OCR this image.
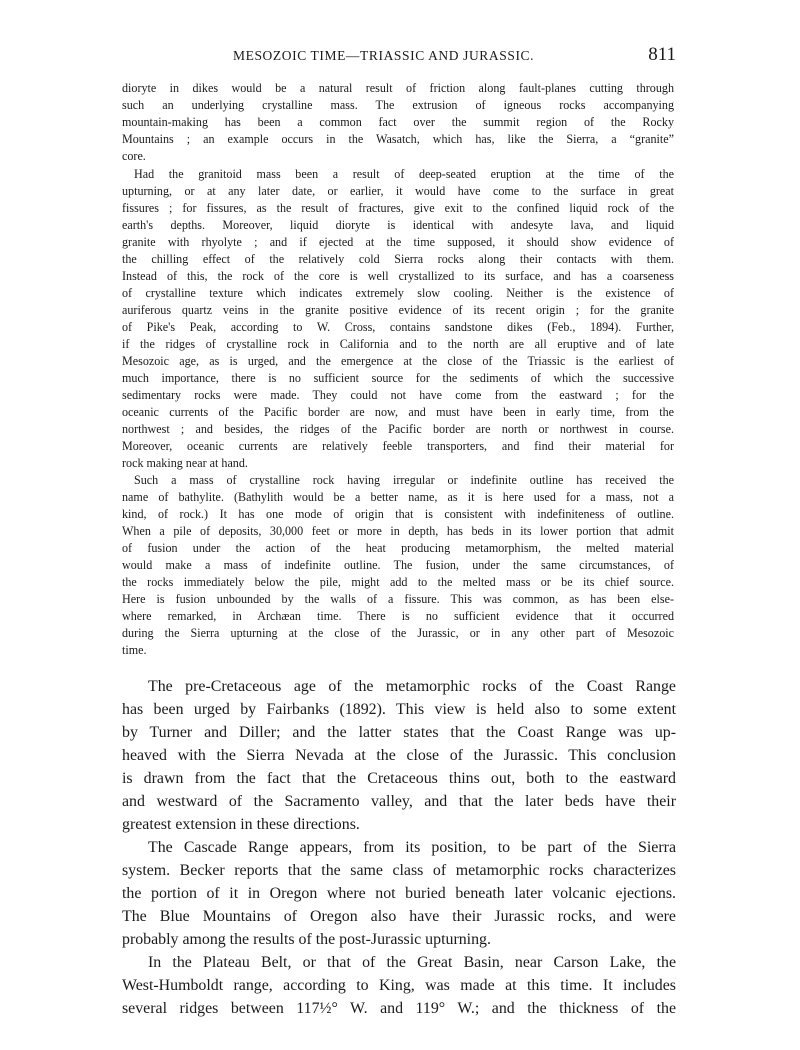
MESOZOIC TIME—TRIASSIC AND JURASSIC.	811
dioryte in dikes would be a natural result of friction along fault-planes cutting through
such an underlying crystalline mass. The extrusion of igneous rocks accompanying
mountain-making has been a common fact over the summit region of the Rocky
Mountains ; an example occurs in the Wasatch, which has, like the Sierra, a “granite”
core.
Had the granitoid mass been a result of deep-seated eruption at the time of the
upturning, or at any later date, or earlier, it would have come to the surface in great
fissures ; for fissures, as the result of fractures, give exit to the confined liquid rock of the
earth's depths. Moreover, liquid dioryte is identical with andesyte lava, and liquid
granite with rhyolyte ; and if ejected at the time supposed, it should show evidence of
the chilling effect of the relatively cold Sierra rocks along their contacts with them.
Instead of this, the rock of the core is well crystallized to its surface, and has a coarseness
of crystalline texture which indicates extremely slow cooling. Neither is the existence of
auriferous quartz veins in the granite positive evidence of its recent origin ; for the granite
of Pike's Peak, according to W. Cross, contains sandstone dikes (Feb., 1894). Further,
if the ridges of crystalline rock in California and to the north are all eruptive and of late
Mesozoic age, as is urged, and the emergence at the close of the Triassic is the earliest of
much importance, there is no sufficient source for the sediments of which the successive
sedimentary rocks were made. They could not have come from the eastward ; for the
oceanic currents of the Pacific border are now, and must have been in early time, from the
northwest ; and besides, the ridges of the Pacific border are north or northwest in course.
Moreover, oceanic currents are relatively feeble transporters, and find their material for
rock making near at hand.
Such a mass of crystalline rock having irregular or indefinite outline has received the
name of bathylite. (Bathylith would be a better name, as it is here used for a mass, not a
kind, of rock.) It has one mode of origin that is consistent with indefiniteness of outline.
When a pile of deposits, 30,000 feet or more in depth, has beds in its lower portion that admit
of fusion under the action of the heat producing metamorphism, the melted material
would make a mass of indefinite outline. The fusion, under the same circumstances, of
the rocks immediately below the pile, might add to the melted mass or be its chief source.
Here is fusion unbounded by the walls of a fissure. This was common, as has been else-
where remarked, in Archæan time. There is no sufficient evidence that it occurred
during the Sierra upturning at the close of the Jurassic, or in any other part of Mesozoic
time.
The pre-Cretaceous age of the metamorphic rocks of the Coast Range
has been urged by Fairbanks (1892). This view is held also to some extent
by Turner and Diller; and the latter states that the Coast Range was up-
heaved with the Sierra Nevada at the close of the Jurassic. This conclusion
is drawn from the fact that the Cretaceous thins out, both to the eastward
and westward of the Sacramento valley, and that the later beds have their
greatest extension in these directions.
The Cascade Range appears, from its position, to be part of the Sierra
system. Becker reports that the same class of metamorphic rocks characterizes
the portion of it in Oregon where not buried beneath later volcanic ejections.
The Blue Mountains of Oregon also have their Jurassic rocks, and were
probably among the results of the post-Jurassic upturning.
In the Plateau Belt, or that of the Great Basin, near Carson Lake, the
West-Humboldt range, according to King, was made at this time. It includes
several ridges between 117½° W. and 119° W.; and the thickness of the
